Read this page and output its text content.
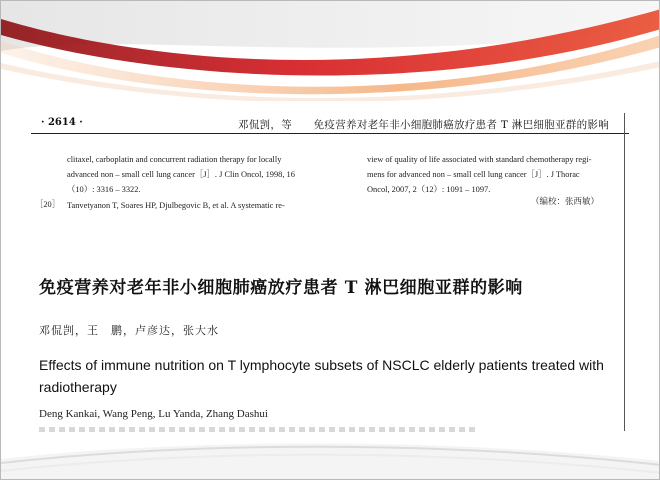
· 2614 ·	邓侃剀，等　　免疫营养对老年非小细胞肺癌放疗患者 T 淋巴细胞亚群的影响
clitaxel, carboplatin and concurrent radiation therapy for locally
advanced non – small cell lung cancer［J］. J Clin Oncol, 1998, 16
（10）: 3316 – 3322.
［20］ Tanvetyanon T, Soares HP, Djulbegovic B, et al. A systematic re-
view of quality of life associated with standard chemotherapy regi-
mens for advanced non – small cell lung cancer［J］. J Thorac
Oncol, 2007, 2（12）: 1091 – 1097.
（编校：张西敏）
免疫营养对老年非小细胞肺癌放疗患者 T 淋巴细胞亚群的影响
邓侃剀，王　鹏，卢彦达，张大水
Effects of immune nutrition on T lymphocyte subsets of NSCLC elderly patients treated with radiotherapy
Deng Kankai, Wang Peng, Lu Yanda, Zhang Dashui
